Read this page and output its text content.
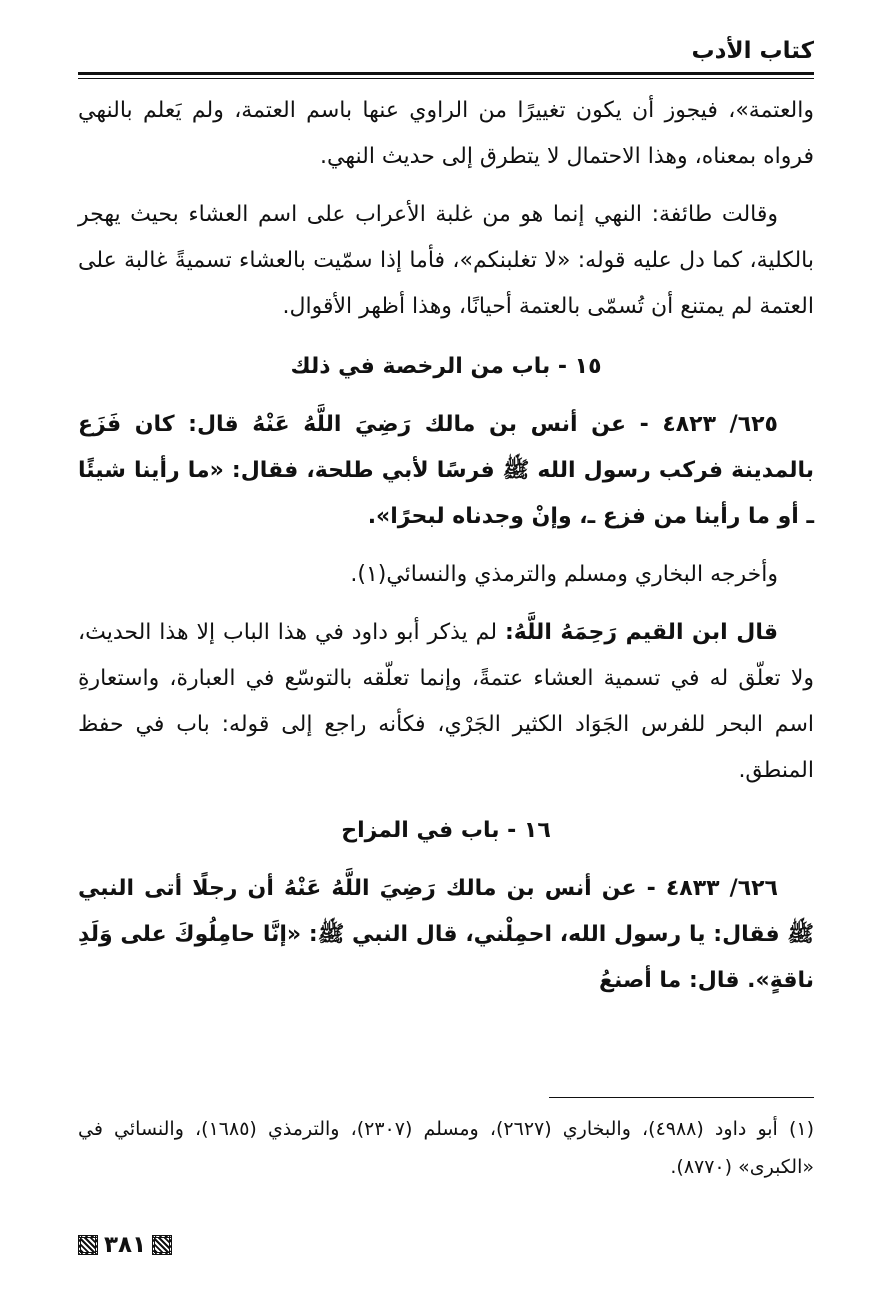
كتاب الأدب

والعتمة»، فيجوز أن يكون تغييرًا من الراوي عنها باسم العتمة، ولم يَعلم بالنهي فرواه بمعناه، وهذا الاحتمال لا يتطرق إلى حديث النهي.

وقالت طائفة: النهي إنما هو من غلبة الأعراب على اسم العشاء بحيث يهجر بالكلية، كما دل عليه قوله: «لا تغلبنكم»، فأما إذا سمّيت بالعشاء تسميةً غالبة على العتمة لم يمتنع أن تُسمّى بالعتمة أحيانًا، وهذا أظهر الأقوال.

١٥ - باب من الرخصة في ذلك

٦٢٥/ ٤٨٢٣ - عن أنس بن مالك رَضِيَ اللَّهُ عَنْهُ قال: كان فَزَع بالمدينة فركب رسول الله ﷺ فرسًا لأبي طلحة، فقال: «ما رأينا شيئًا ـ أو ما رأينا من فزع ـ، وإنْ وجدناه لبحرًا».

وأخرجه البخاري ومسلم والترمذي والنسائي(١).

قال ابن القيم رَحِمَهُ اللَّهُ: لم يذكر أبو داود في هذا الباب إلا هذا الحديث، ولا تعلّق له في تسمية العشاء عتمةً، وإنما تعلّقه بالتوسّع في العبارة، واستعارةِ اسم البحر للفرس الجَوَاد الكثير الجَرْي، فكأنه راجع إلى قوله: باب في حفظ المنطق.

١٦ - باب في المزاح

٦٢٦/ ٤٨٣٣ - عن أنس بن مالك رَضِيَ اللَّهُ عَنْهُ أن رجلًا أتى النبي ﷺ فقال: يا رسول الله، احمِلْني، قال النبي ﷺ: «إنَّا حامِلُوكَ على وَلَدِ ناقةٍ». قال: ما أصنعُ

(١) أبو داود (٤٩٨٨)، والبخاري (٢٦٢٧)، ومسلم (٢٣٠٧)، والترمذي (١٦٨٥)، والنسائي في «الكبرى» (٨٧٧٠).

٣٨١
